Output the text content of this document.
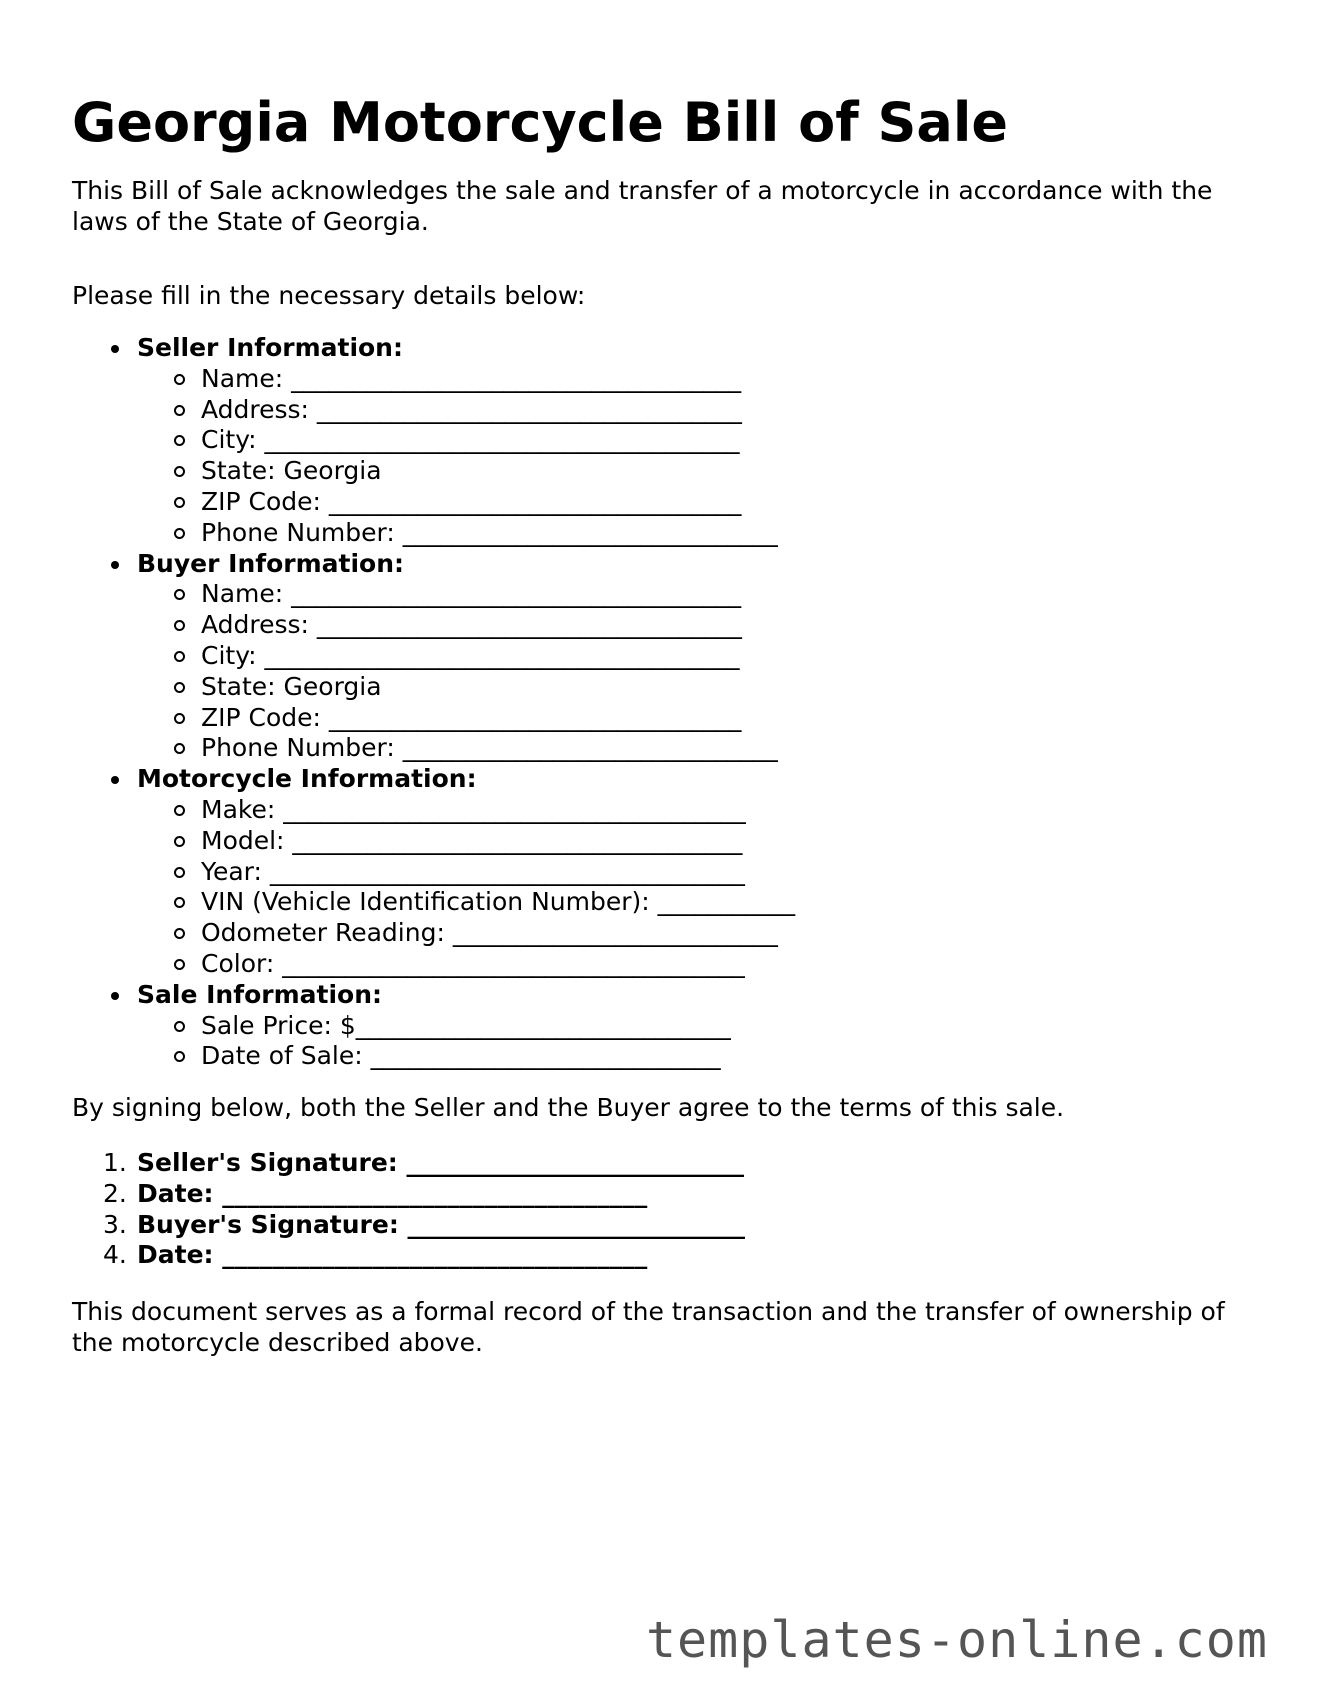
Georgia Motorcycle Bill of Sale

This Bill of Sale acknowledges the sale and transfer of a motorcycle in accordance with the laws of the State of Georgia.

Please fill in the necessary details below:

Seller Information:
Name: ____________________________________
Address: __________________________________
City: ______________________________________
State: Georgia
ZIP Code: _________________________________
Phone Number: ______________________________
Buyer Information:
Name: ____________________________________
Address: __________________________________
City: ______________________________________
State: Georgia
ZIP Code: _________________________________
Phone Number: ______________________________
Motorcycle Information:
Make: _____________________________________
Model: ____________________________________
Year: ______________________________________
VIN (Vehicle Identification Number): ___________
Odometer Reading: __________________________
Color: _____________________________________
Sale Information:
Sale Price: $______________________________
Date of Sale: ____________________________

By signing below, both the Seller and the Buyer agree to the terms of this sale.

1. Seller's Signature: ___________________________
2. Date: __________________________________
3. Buyer's Signature: ___________________________
4. Date: __________________________________

This document serves as a formal record of the transaction and the transfer of ownership of the motorcycle described above.

templates-online.com
